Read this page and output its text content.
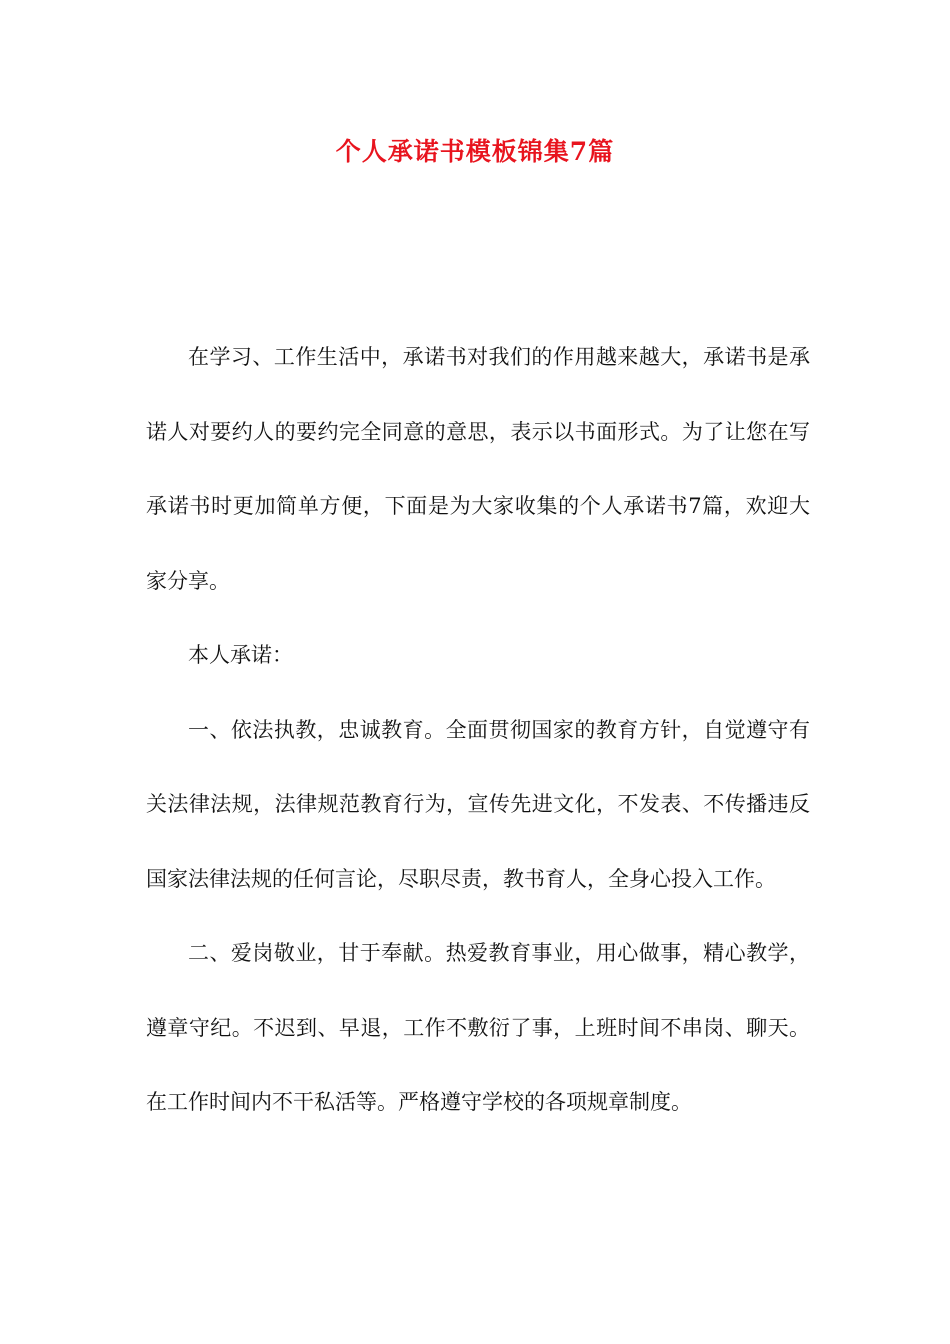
个人承诺书模板锦集7篇

在学习、工作生活中，承诺书对我们的作用越来越大，承诺书是承诺人对要约人的要约完全同意的意思，表示以书面形式。为了让您在写承诺书时更加简单方便，下面是为大家收集的个人承诺书7篇，欢迎大家分享。

本人承诺：

一、依法执教，忠诚教育。全面贯彻国家的教育方针，自觉遵守有关法律法规，法律规范教育行为，宣传先进文化，不发表、不传播违反国家法律法规的任何言论，尽职尽责，教书育人，全身心投入工作。

二、爱岗敬业，甘于奉献。热爱教育事业，用心做事，精心教学，遵章守纪。不迟到、早退，工作不敷衍了事，上班时间不串岗、聊天。在工作时间内不干私活等。严格遵守学校的各项规章制度。
